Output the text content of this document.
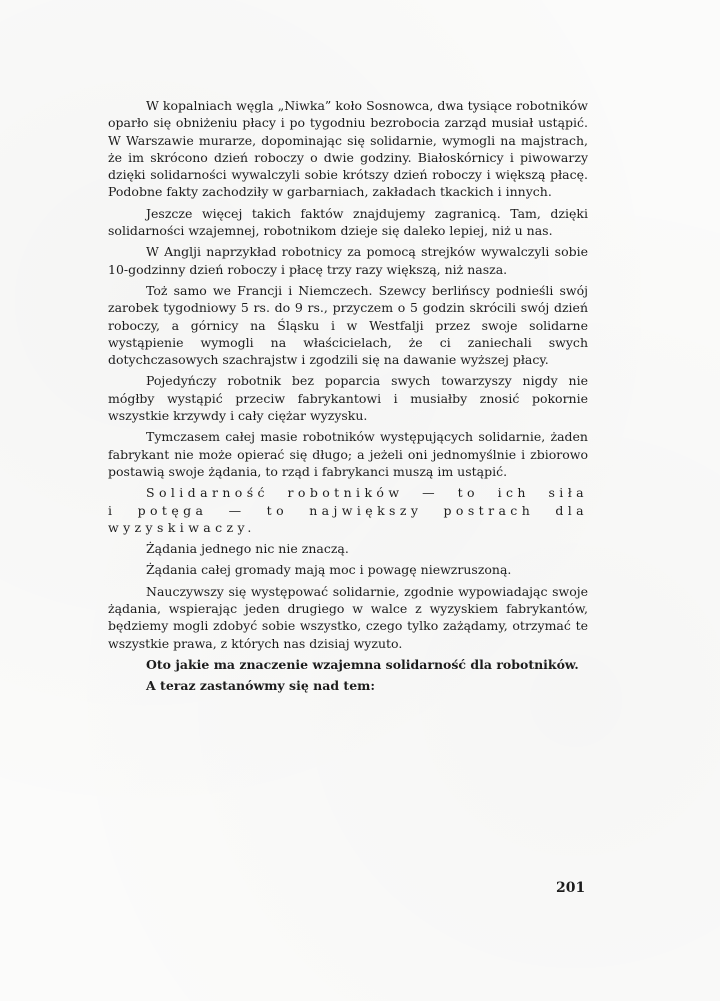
W kopalniach węgla „Niwka” koło Sosnowca, dwa tysiące robotników oparło się obniżeniu płacy i po tygodniu bezrobocia zarząd musiał ustąpić. W Warszawie murarze, dopominając się solidarnie, wymogli na majstrach, że im skrócono dzień roboczy o dwie godziny. Białoskórnicy i piwowarzy dzięki solidarności wywalczyli sobie krótszy dzień roboczy i większą płacę. Podobne fakty zachodziły w garbarniach, zakładach tkackich i innych.

Jeszcze więcej takich faktów znajdujemy zagranicą. Tam, dzięki solidarności wzajemnej, robotnikom dzieje się daleko lepiej, niż u nas.

W Anglji naprzykład robotnicy za pomocą strejków wywalczyli sobie 10-godzinny dzień roboczy i płacę trzy razy większą, niż nasza.

Toż samo we Francji i Niemczech. Szewcy berlińscy podnieśli swój zarobek tygodniowy 5 rs. do 9 rs., przyczem o 5 godzin skrócili swój dzień roboczy, a górnicy na Śląsku i w Westfalji przez swoje solidarne wystąpienie wymogli na właścicielach, że ci zaniechali swych dotychczasowych szachrajstw i zgodzili się na dawanie wyższej płacy.

Pojedyńczy robotnik bez poparcia swych towarzyszy nigdy nie mógłby wystąpić przeciw fabrykantowi i musiałby znosić pokornie wszystkie krzywdy i cały ciężar wyzysku.

Tymczasem całej masie robotników występujących solidarnie, żaden fabrykant nie może opierać się długo; a jeżeli oni jednomyślnie i zbiorowo postawią swoje żądania, to rząd i fabrykanci muszą im ustąpić.

Solidarność robotników — to ich siła i potęga — to największy postrach dla wyzyskiwaczy.

Żądania jednego nic nie znaczą.

Żądania całej gromady mają moc i powagę niewzruszoną.

Nauczywszy się występować solidarnie, zgodnie wypowiadając swoje żądania, wspierając jeden drugiego w walce z wyzyskiem fabrykantów, będziemy mogli zdobyć sobie wszystko, czego tylko zażądamy, otrzymać te wszystkie prawa, z których nas dzisiaj wyzuto.

Oto jakie ma znaczenie wzajemna solidarność dla robotników.

A teraz zastanówmy się nad tem:

201
